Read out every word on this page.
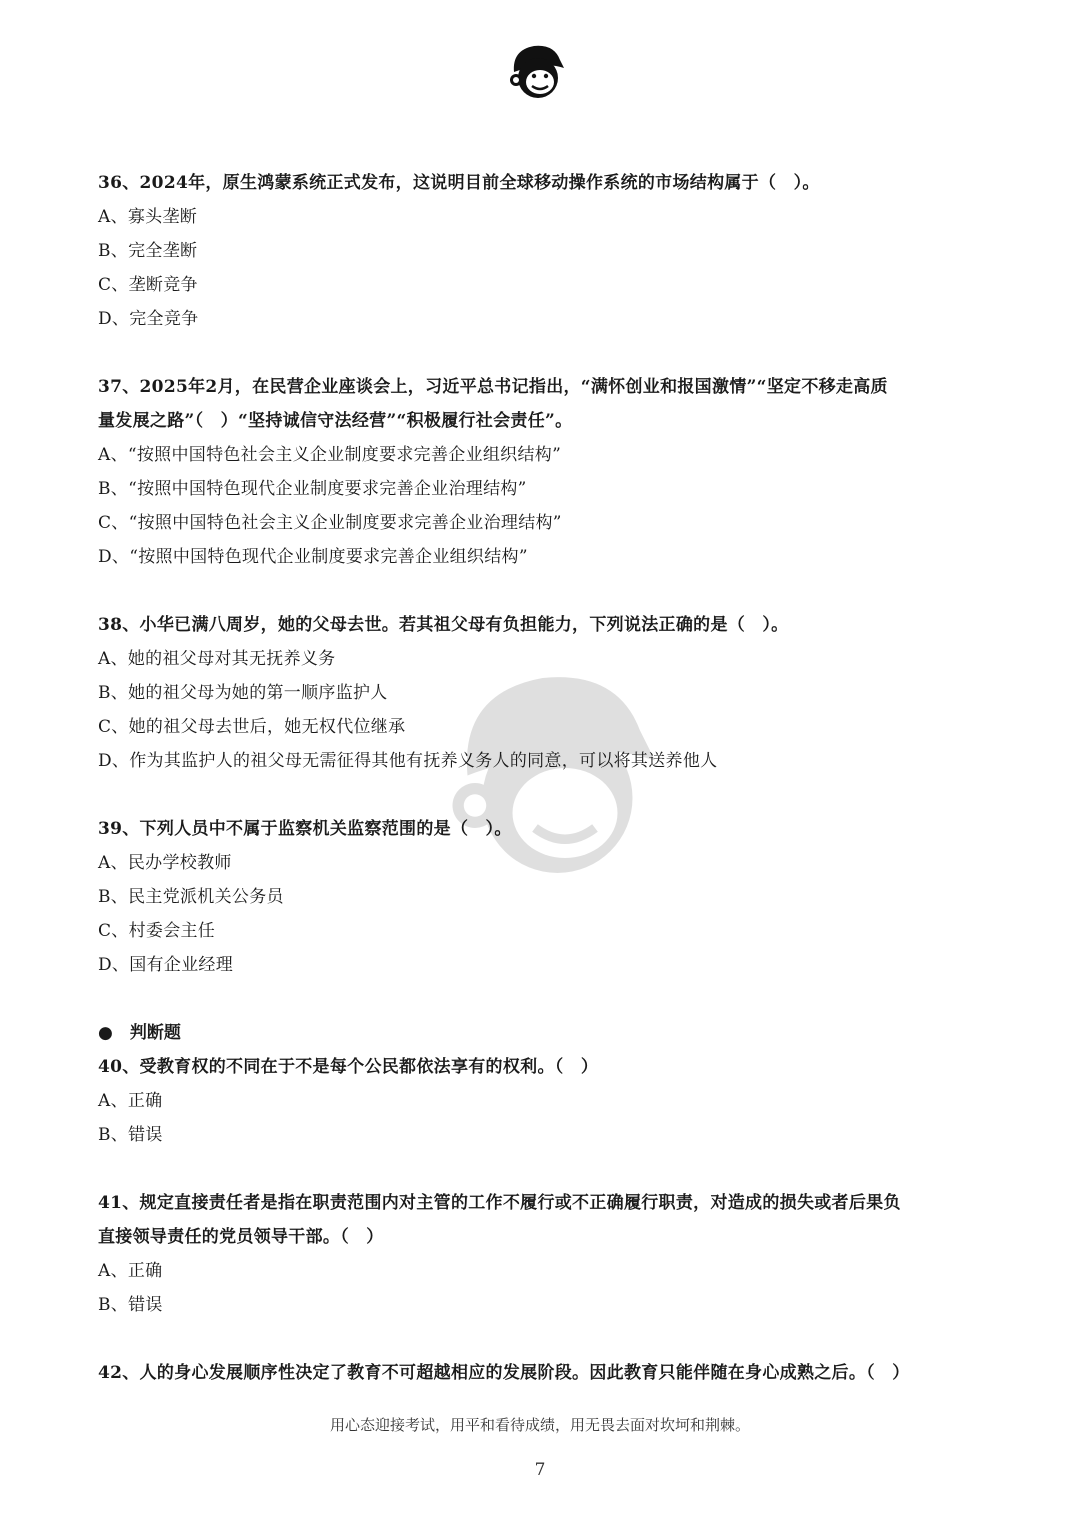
36、2024年，原生鸿蒙系统正式发布，这说明目前全球移动操作系统的市场结构属于（　）。
A、寡头垄断
B、完全垄断
C、垄断竞争
D、完全竞争
37、2025年2月，在民营企业座谈会上，习近平总书记指出，“满怀创业和报国激情”“坚定不移走高质
量发展之路”（　）“坚持诚信守法经营”“积极履行社会责任”。
A、“按照中国特色社会主义企业制度要求完善企业组织结构”
B、“按照中国特色现代企业制度要求完善企业治理结构”
C、“按照中国特色社会主义企业制度要求完善企业治理结构”
D、“按照中国特色现代企业制度要求完善企业组织结构”
38、小华已满八周岁，她的父母去世。若其祖父母有负担能力，下列说法正确的是（　）。
A、她的祖父母对其无抚养义务
B、她的祖父母为她的第一顺序监护人
C、她的祖父母去世后，她无权代位继承
D、作为其监护人的祖父母无需征得其他有抚养义务人的同意，可以将其送养他人
39、下列人员中不属于监察机关监察范围的是（　）。
A、民办学校教师
B、民主党派机关公务员
C、村委会主任
D、国有企业经理
●　判断题
40、受教育权的不同在于不是每个公民都依法享有的权利。（　）
A、正确
B、错误
41、规定直接责任者是指在职责范围内对主管的工作不履行或不正确履行职责，对造成的损失或者后果负
直接领导责任的党员领导干部。（　）
A、正确
B、错误
42、人的身心发展顺序性决定了教育不可超越相应的发展阶段。因此教育只能伴随在身心成熟之后。（　）
用心态迎接考试，用平和看待成绩，用无畏去面对坎坷和荆棘。
7
